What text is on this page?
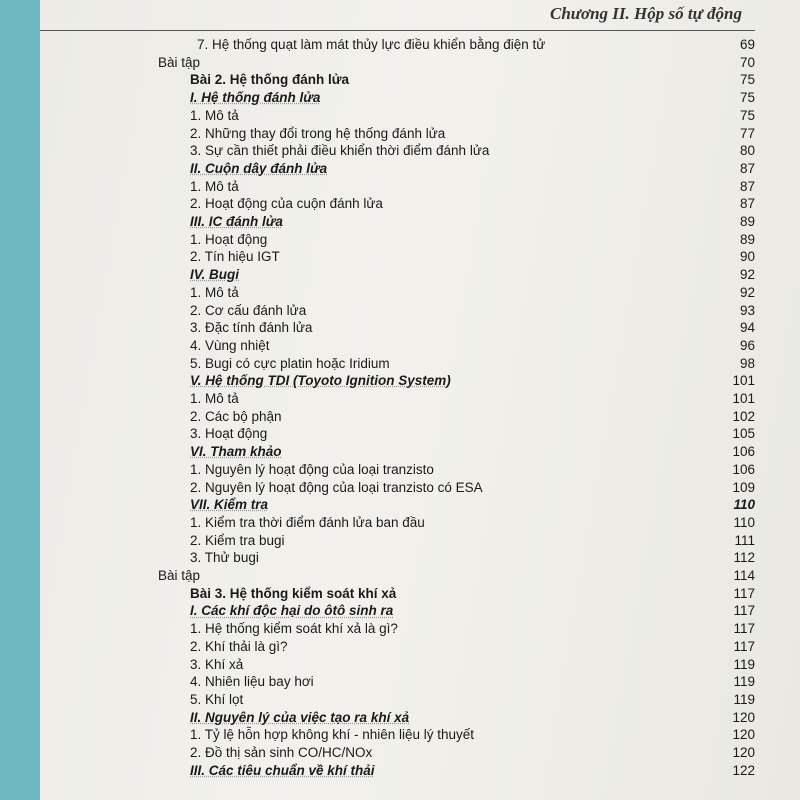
Chương II. Hộp số tự động
7. Hệ thống quạt làm mát thủy lực điều khiển bằng điện tử	69
Bài tập	70
Bài 2. Hệ thống đánh lửa	75
I. Hệ thống đánh lửa	75
1. Mô tả	75
2. Những thay đổi trong hệ thống đánh lửa	77
3. Sự cần thiết phải điều khiển thời điểm đánh lửa	80
II. Cuộn dây đánh lửa	87
1. Mô tả	87
2. Hoạt động của cuộn đánh lửa	87
III. IC đánh lửa	89
1. Hoạt động	89
2. Tín hiệu IGT	90
IV. Bugi	92
1. Mô tả	92
2. Cơ cấu đánh lửa	93
3. Đặc tính đánh lửa	94
4. Vùng nhiệt	96
5. Bugi có cực platin hoặc Iridium	98
V. Hệ thống TDI (Toyoto Ignition System)	101
1. Mô tả	101
2. Các bộ phận	102
3. Hoạt động	105
VI. Tham khảo	106
1. Nguyên lý hoạt động của loại tranzisto	106
2. Nguyên lý hoạt động của loại tranzisto có ESA	109
VII. Kiểm tra	110
1. Kiểm tra thời điểm đánh lửa ban đầu	110
2. Kiểm tra bugi	111
3. Thử bugi	112
Bài tập	114
Bài 3. Hệ thống kiểm soát khí xả	117
I. Các khí độc hại do ôtô sinh ra	117
1. Hệ thống kiểm soát khí xả là gì?	117
2. Khí thải là gì?	117
3. Khí xả	119
4. Nhiên liệu bay hơi	119
5. Khí lọt	119
II. Nguyên lý của việc tạo ra khí xả	120
1. Tỷ lệ hỗn hợp không khí - nhiên liệu lý thuyết	120
2. Đồ thị sản sinh CO/HC/NOx	120
III. Các tiêu chuẩn về khí thải	122
